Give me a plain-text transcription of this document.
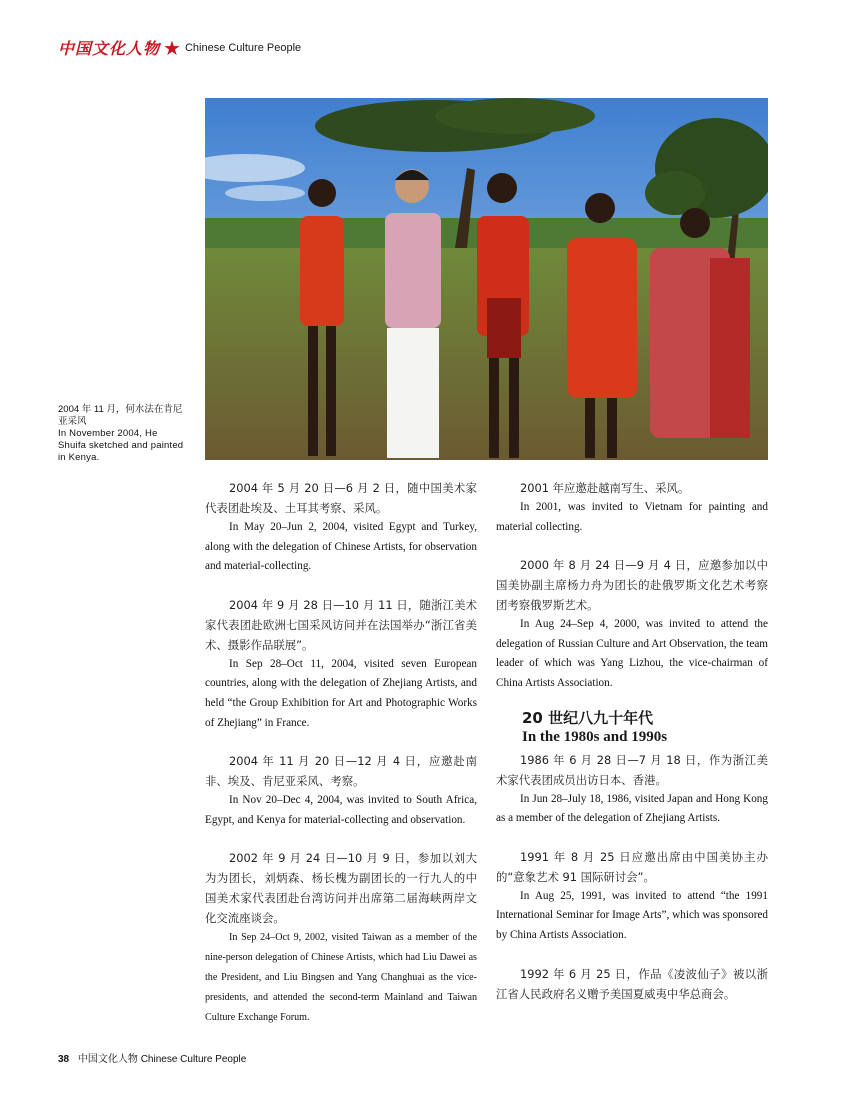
中国文化人物 ★ Chinese Culture People
2004 年 11 月，何水法在肯尼亚采风
In November 2004, He Shuifa sketched and painted in Kenya.

2004 年 5 月 20 日—6 月 2 日，随中国美术家代表团赴埃及、土耳其考察、采风。

In May 20–Jun 2, 2004, visited Egypt and Turkey, along with the delegation of Chinese Artists, for observation and material-collecting.

2004 年 9 月 28 日—10 月 11 日，随浙江美术家代表团赴欧洲七国采风访问并在法国举办“浙江省美术、摄影作品联展”。

In Sep 28–Oct 11, 2004, visited seven European countries, along with the delegation of Zhejiang Artists, and held “the Group Exhibition for Art and Photographic Works of Zhejiang” in France.

2004 年 11 月 20 日—12 月 4 日，应邀赴南非、埃及、肯尼亚采风、考察。

In Nov 20–Dec 4, 2004, was invited to South Africa, Egypt, and Kenya for material-collecting and observation.

2002 年 9 月 24 日—10 月 9 日，参加以刘大为为团长，刘炳森、杨长槐为副团长的一行九人的中国美术家代表团赴台湾访问并出席第二届海峡两岸文化交流座谈会。

In Sep 24–Oct 9, 2002, visited Taiwan as a member of the nine-person delegation of Chinese Artists, which had Liu Dawei as the President, and Liu Bingsen and Yang Changhuai as the vice-presidents, and attended the second-term Mainland and Taiwan Culture Exchange Forum.

2001 年应邀赴越南写生、采风。

In 2001, was invited to Vietnam for painting and material collecting.

2000 年 8 月 24 日—9 月 4 日，应邀参加以中国美协副主席杨力舟为团长的赴俄罗斯文化艺术考察团考察俄罗斯艺术。

In Aug 24–Sep 4, 2000, was invited to attend the delegation of Russian Culture and Art Observation, the team leader of which was Yang Lizhou, the vice-chairman of China Artists Association.

20 世纪八九十年代
In the 1980s and 1990s

1986 年 6 月 28 日—7 月 18 日，作为浙江美术家代表团成员出访日本、香港。

In Jun 28–July 18, 1986, visited Japan and Hong Kong as a member of the delegation of Zhejiang Artists.

1991 年 8 月 25 日应邀出席由中国美协主办的“意象艺术 91 国际研讨会”。

In Aug 25, 1991, was invited to attend “the 1991 International Seminar for Image Arts”, which was sponsored by China Artists Association.

1992 年 6 月 25 日，作品《凌波仙子》被以浙江省人民政府名义赠予美国夏威夷中华总商会。

38 中国文化人物 Chinese Culture People
